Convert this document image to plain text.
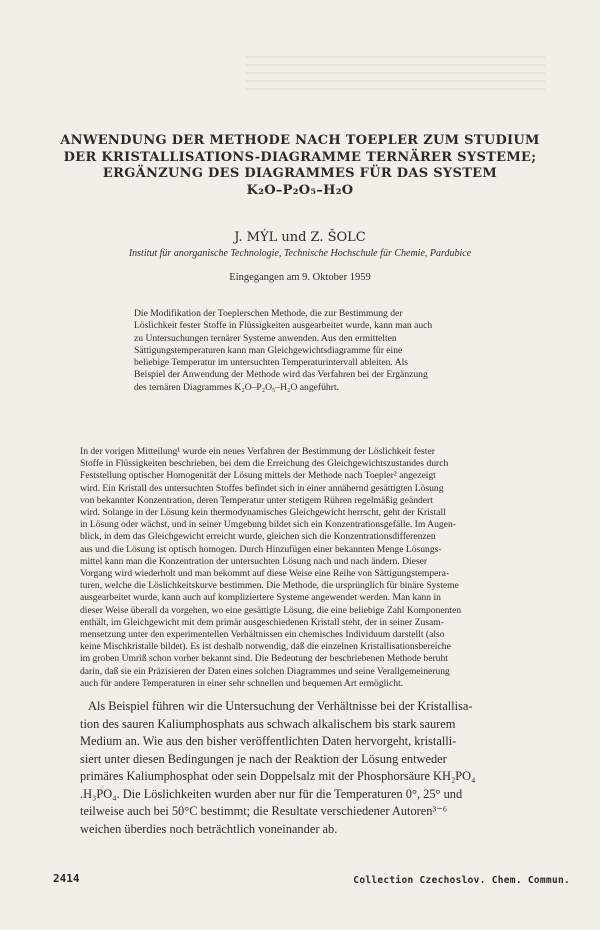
ANWENDUNG DER METHODE NACH TOEPLER ZUM STUDIUM
DER KRISTALLISATIONS-DIAGRAMME TERNÄRER SYSTEME;
ERGÄNZUNG DES DIAGRAMMES FÜR DAS SYSTEM
K₂O–P₂O₅–H₂O
J. MÝL und Z. ŠOLC
Institut für anorganische Technologie, Technische Hochschule für Chemie, Pardubice
Eingegangen am 9. Oktober 1959
Die Modifikation der Toeplerschen Methode, die zur Bestimmung der
Löslichkeit fester Stoffe in Flüssigkeiten ausgearbeitet wurde, kann man auch
zu Untersuchungen ternärer Systeme anwenden. Aus den ermittelten
Sättigungstemperaturen kann man Gleichgewichtsdiagramme für eine
beliebige Temperatur im untersuchten Temperaturintervall ableiten. Als
Beispiel der Anwendung der Methode wird das Verfahren bei der Ergänzung
des ternären Diagrammes K₂O–P₂O₅–H₂O angeführt.
In der vorigen Mitteilung¹ wurde ein neues Verfahren der Bestimmung der Löslichkeit fester
Stoffe in Flüssigkeiten beschrieben, bei dem die Erreichung des Gleichgewichtszustandes durch
Feststellung optischer Homogenität der Lösung mittels der Methode nach Toepler² angezeigt
wird. Ein Kristall des untersuchten Stoffes befindet sich in einer annähernd gesättigten Lösung
von bekannter Konzentration, deren Temperatur unter stetigem Rühren regelmäßig geändert
wird. Solange in der Lösung kein thermodynamisches Gleichgewicht herrscht, geht der Kristall
in Lösung oder wächst, und in seiner Umgebung bildet sich ein Konzentrationsgefälle. Im Augen-
blick, in dem das Gleichgewicht erreicht wurde, gleichen sich die Konzentrationsdifferenzen
aus und die Lösung ist optisch homogen. Durch Hinzufügen einer bekannten Menge Lösungs-
mittel kann man die Konzentration der untersuchten Lösung nach und nach ändern. Dieser
Vorgang wird wiederholt und man bekommt auf diese Weise eine Reihe von Sättigungstempera-
turen, welche die Löslichkeitskurve bestimmen. Die Methode, die ursprünglich für binäre Systeme
ausgearbeitet wurde, kann auch auf kompliziertere Systeme angewendet werden. Man kann in
dieser Weise überall da vorgehen, wo eine gesättigte Lösung, die eine beliebige Zahl Komponenten
enthält, im Gleichgewicht mit dem primär ausgeschiedenen Kristall steht, der in seiner Zusam-
mensetzung unter den experimentellen Verhältnissen ein chemisches Individuum darstellt (also
keine Mischkristalle bildet). Es ist deshalb notwendig, daß die einzelnen Kristallisationsbereiche
im groben Umriß schon vorher bekannt sind. Die Bedeutung der beschriebenen Methode beruht
darin, daß sie ein Präzisieren der Daten eines solchen Diagrammes und seine Verallgemeinerung
auch für andere Temperaturen in einer sehr schnellen und bequemen Art ermöglicht.
Als Beispiel führen wir die Untersuchung der Verhältnisse bei der Kristallisa-
tion des sauren Kaliumphosphats aus schwach alkalischem bis stark saurem
Medium an. Wie aus den bisher veröffentlichten Daten hervorgeht, kristalli-
siert unter diesen Bedingungen je nach der Reaktion der Lösung entweder
primäres Kaliumphosphat oder sein Doppelsalz mit der Phosphorsäure KH₂PO₄
.H₃PO₄. Die Löslichkeiten wurden aber nur für die Temperaturen 0°, 25° und
teilweise auch bei 50°C bestimmt; die Resultate verschiedener Autoren³⁻⁶
weichen überdies noch beträchtlich voneinander ab.
2414	Collection Czechoslov. Chem. Commun.
